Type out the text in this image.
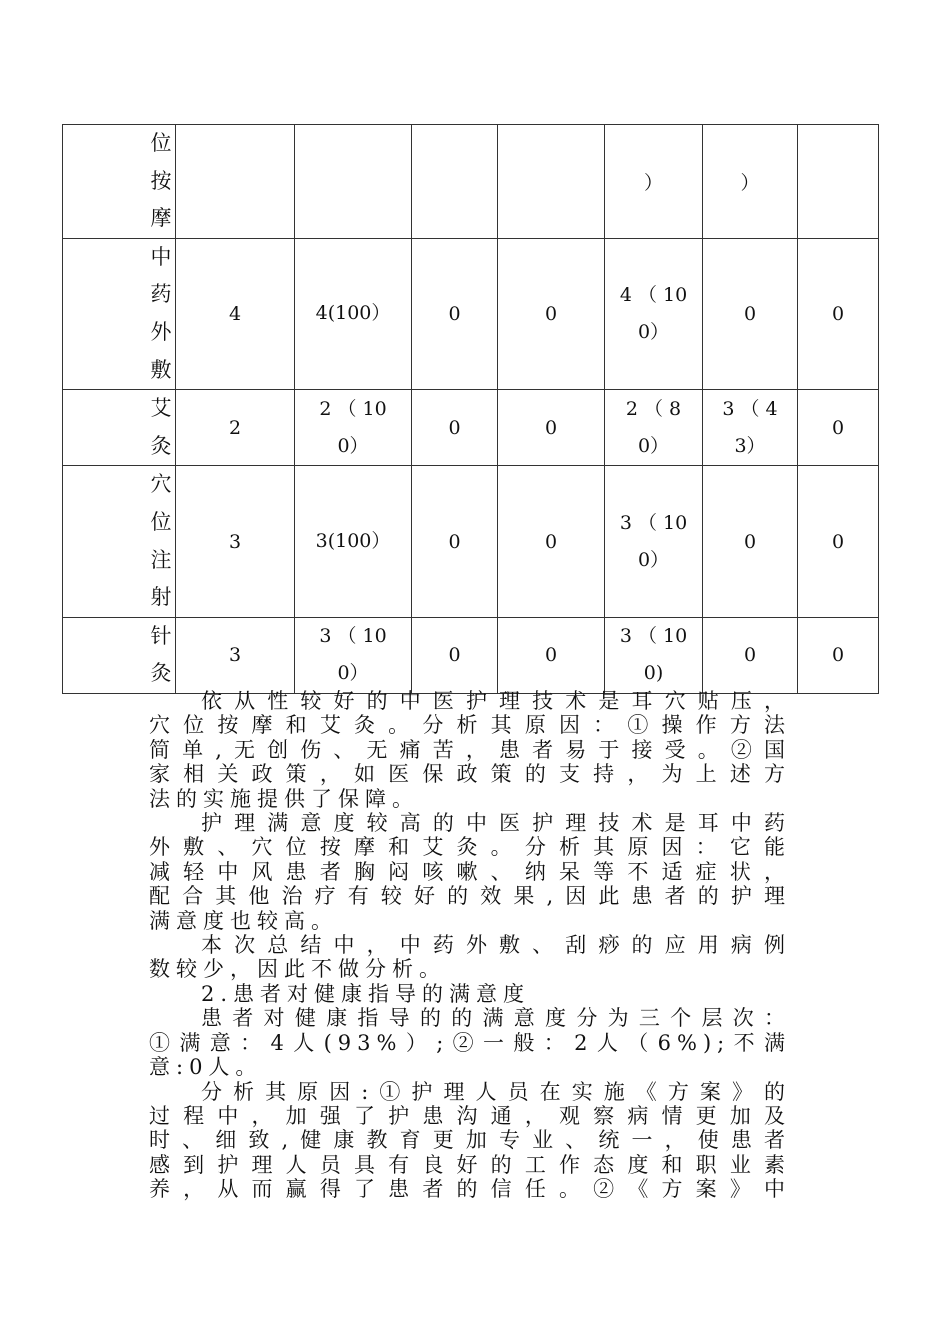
位按摩					）	）	

中药外敷	4	4(100）	0	0	4 （ 100）	0	0

艾灸	2	2 （ 100）	0	0	2 （ 80）	3 （ 43）	0

穴位注射	3	3(100）	0	0	3 （ 100）	0	0

针灸	3	3 （ 100）	0	0	3 （ 100)	0	0

依从性较好的中医护理技术是耳穴贴压，

穴位按摩和艾灸。分析其原因：①操作方法

简单,无创伤、无痛苦，患者易于接受。②国

家相关政策，如医保政策的支持，为上述方

法的实施提供了保障。

护理满意度较高的中医护理技术是耳中药

外敷、穴位按摩和艾灸。分析其原因：它能

减轻中风患者胸闷咳嗽、纳呆等不适症状，

配合其他治疗有较好的效果,因此患者的护理

满意度也较高。

本次总结中，中药外敷、刮痧的应用病例

数较少，因此不做分析。

2.患者对健康指导的满意度

患者对健康指导的的满意度分为三个层次：

①满意：4人(93%）;②一般：2人（6%);不满

意:0人。

分析其原因:①护理人员在实施《方案》的

过程中，加强了护患沟通，观察病情更加及

时、细致,健康教育更加专业、统一，使患者

感到护理人员具有良好的工作态度和职业素

养，从而赢得了患者的信任。②《方案》中
